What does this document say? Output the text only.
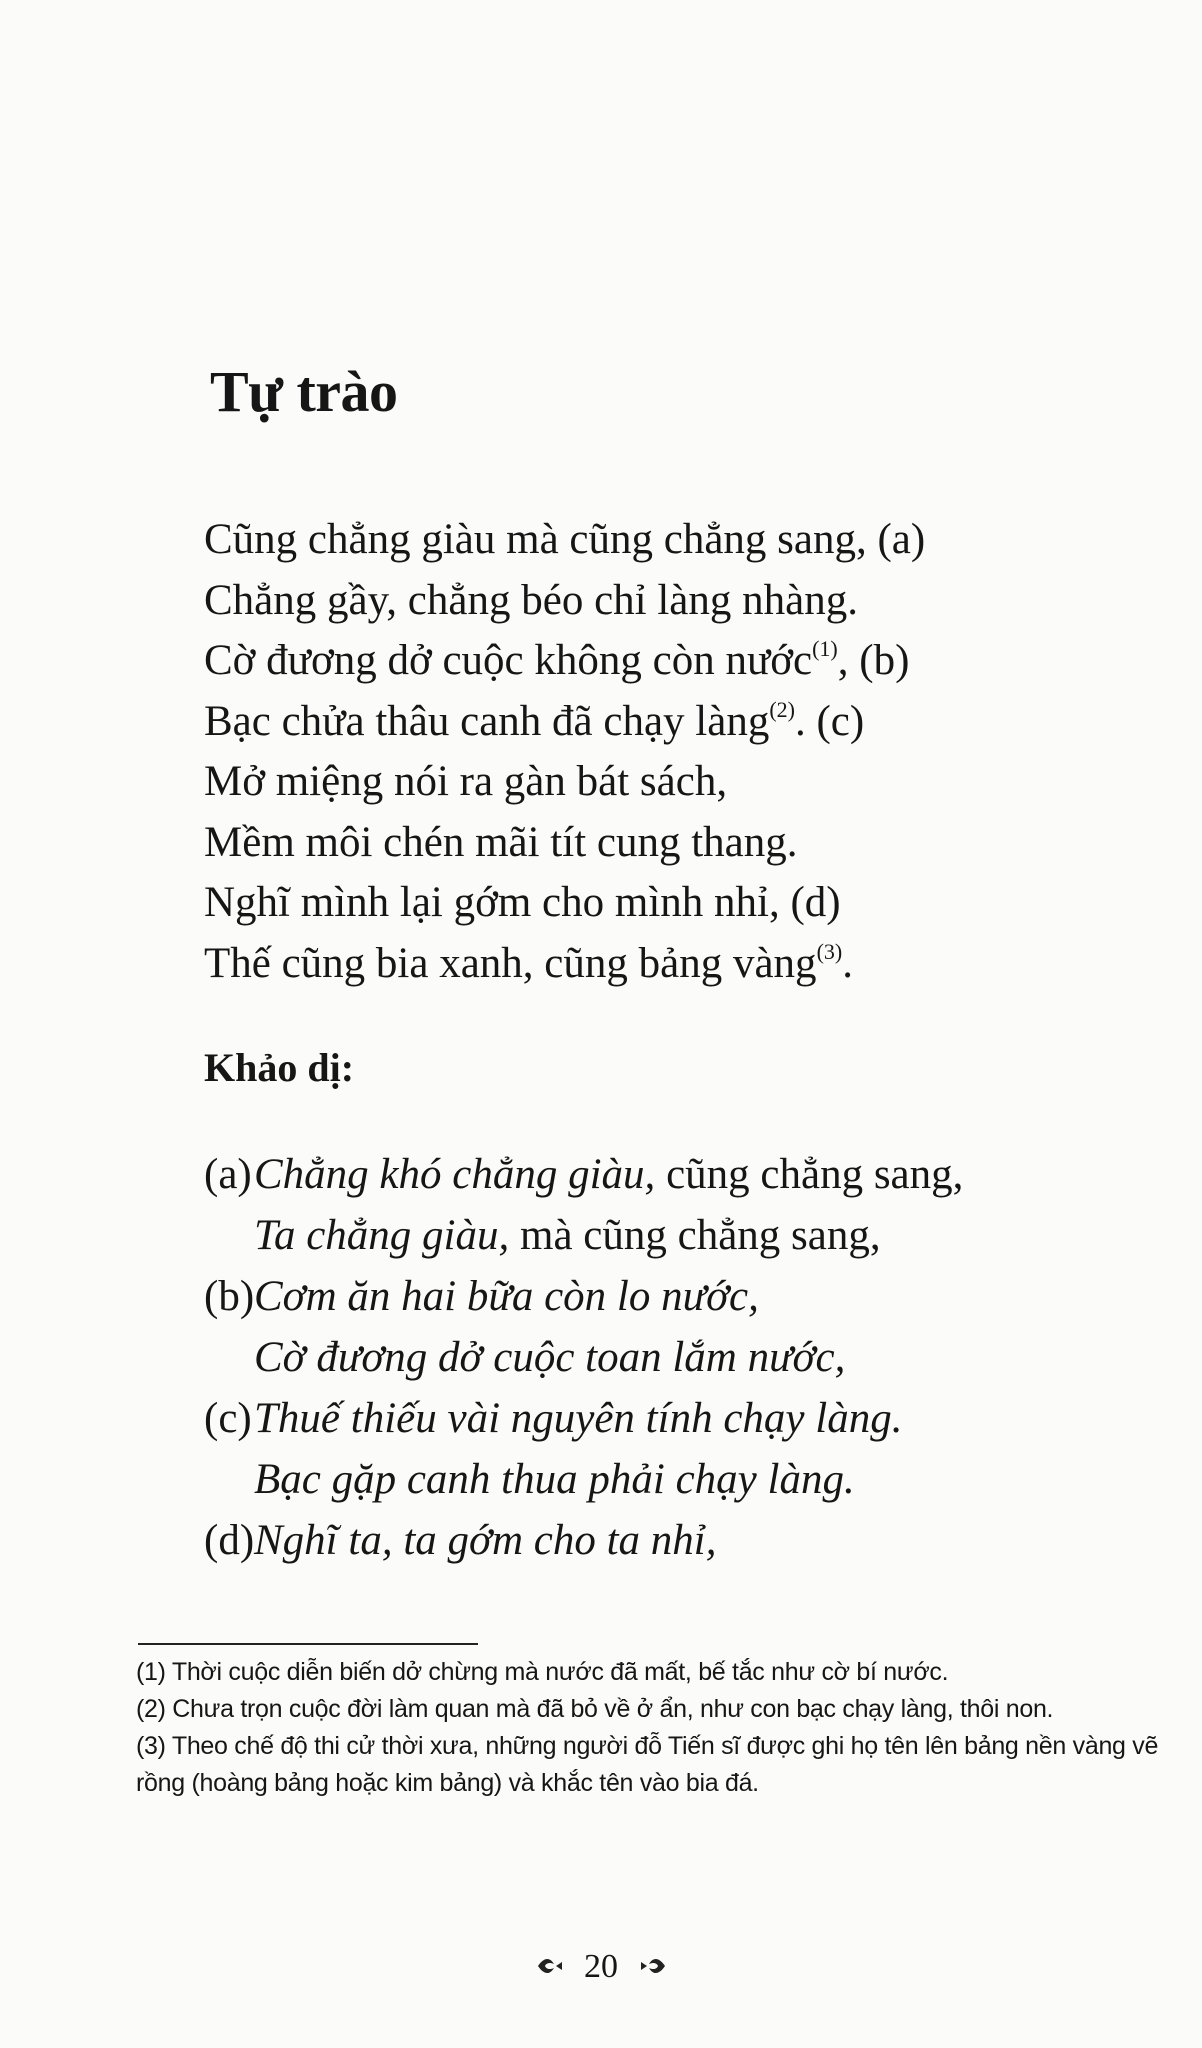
Tự trào
Cũng chẳng giàu mà cũng chẳng sang, (a)
Chẳng gầy, chẳng béo chỉ làng nhàng.
Cờ đương dở cuộc không còn nước$^{(1)}$, (b)
Bạc chửa thâu canh đã chạy làng$^{(2)}$. (c)
Mở miệng nói ra gàn bát sách,
Mềm môi chén mãi tít cung thang.
Nghĩ mình lại gớm cho mình nhỉ, (d)
Thế cũng bia xanh, cũng bảng vàng$^{(3)}$.
Khảo dị:
(a)Chẳng khó chẳng giàu, cũng chẳng sang,
Ta chẳng giàu, mà cũng chẳng sang,
(b)Cơm ăn hai bữa còn lo nước,
Cờ đương dở cuộc toan lắm nước,
(c)Thuế thiếu vài nguyên tính chạy làng.
Bạc gặp canh thua phải chạy làng.
(d)Nghĩ ta, ta gớm cho ta nhỉ,

(1) Thời cuộc diễn biến dở chừng mà nước đã mất, bế tắc như cờ bí nước.

(2) Chưa trọn cuộc đời làm quan mà đã bỏ về ở ẩn, như con bạc chạy làng, thôi non.

(3) Theo chế độ thi cử thời xưa, những người đỗ Tiến sĩ được ghi họ tên lên bảng nền vàng vẽ rồng (hoàng bảng hoặc kim bảng) và khắc tên vào bia đá.

20
